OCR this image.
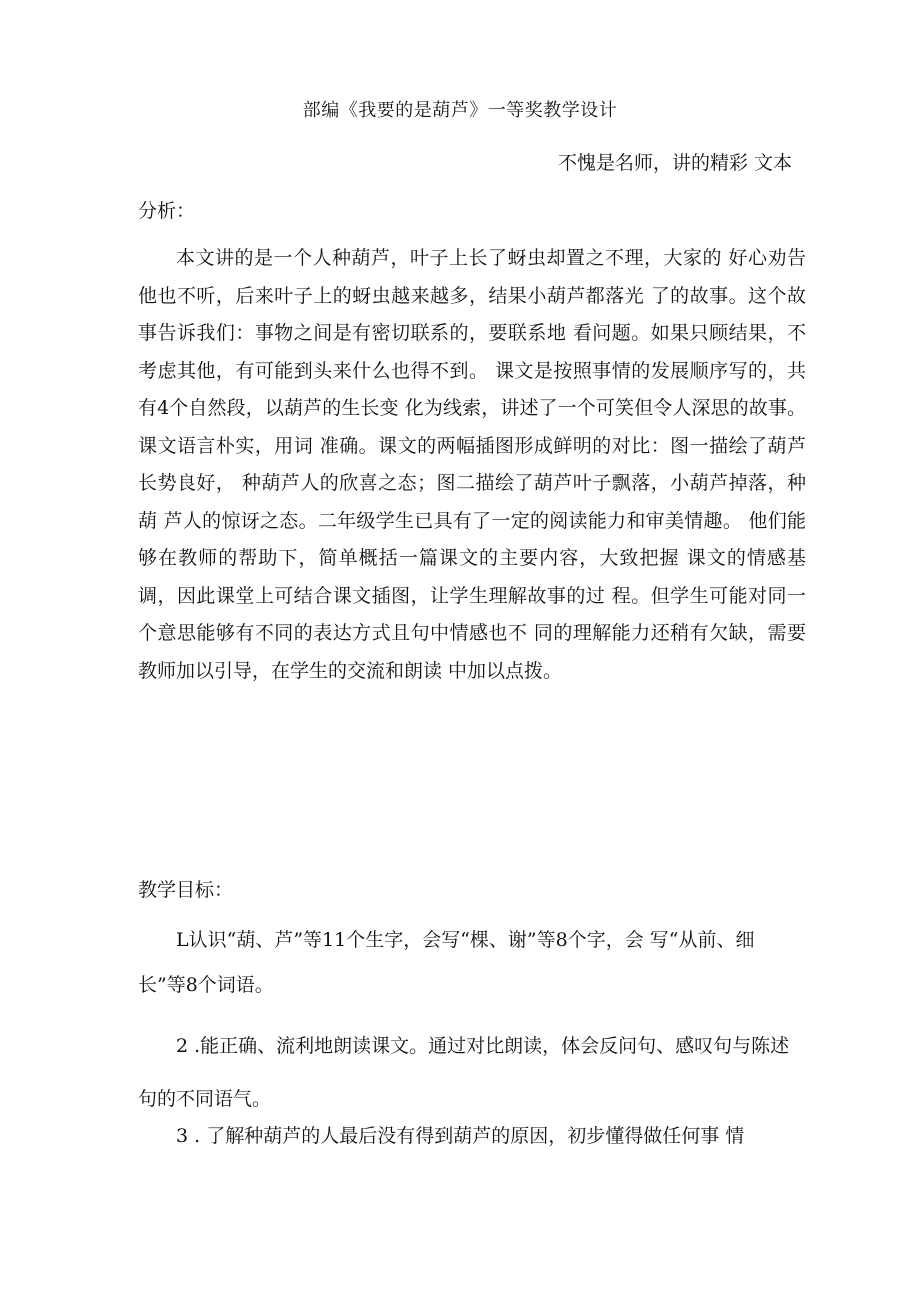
部编《我要的是葫芦》一等奖教学设计

不愧是名师，讲的精彩 文本

分析：

本文讲的是一个人种葫芦，叶子上长了蚜虫却置之不理，大家的 好心劝告他也不听，后来叶子上的蚜虫越来越多，结果小葫芦都落光 了的故事。这个故事告诉我们：事物之间是有密切联系的，要联系地 看问题。如果只顾结果，不考虑其他，有可能到头来什么也得不到。 课文是按照事情的发展顺序写的，共有4个自然段，以葫芦的生长变 化为线索，讲述了一个可笑但令人深思的故事。课文语言朴实，用词 准确。课文的两幅插图形成鲜明的对比：图一描绘了葫芦长势良好， 种葫芦人的欣喜之态；图二描绘了葫芦叶子飘落，小葫芦掉落，种葫 芦人的惊讶之态。二年级学生已具有了一定的阅读能力和审美情趣。 他们能够在教师的帮助下，简单概括一篇课文的主要内容，大致把握 课文的情感基调，因此课堂上可结合课文插图，让学生理解故事的过 程。但学生可能对同一个意思能够有不同的表达方式且句中情感也不 同的理解能力还稍有欠缺，需要教师加以引导，在学生的交流和朗读 中加以点拨。

教学目标：

L认识“葫、芦”等11个生字，会写“棵、谢”等8个字，会 写“从前、细长”等8个词语。

2 .能正确、流利地朗读课文。通过对比朗读，体会反问句、感叹句与陈述句的不同语气。

3 . 了解种葫芦的人最后没有得到葫芦的原因，初步懂得做任何事 情
